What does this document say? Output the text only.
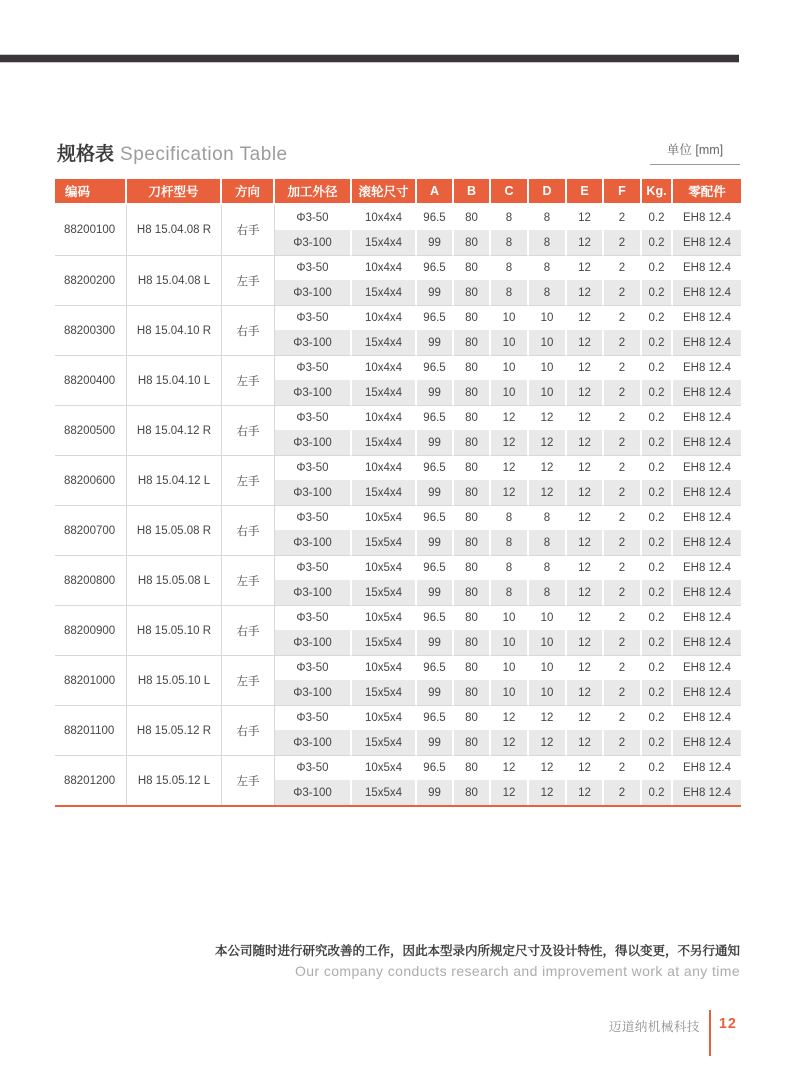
规格表 Specification Table	单位 [mm]
编码	刀杆型号	方向	加工外径	滚轮尺寸	A	B	C	D	E	F	Kg.	零配件
88200100	H8 15.04.08 R	右手	Φ3-50	10x4x4	96.5	80	8	8	12	2	0.2	EH8 12.4
			Φ3-100	15x4x4	99	80	8	8	12	2	0.2	EH8 12.4
88200200	H8 15.04.08 L	左手	Φ3-50	10x4x4	96.5	80	8	8	12	2	0.2	EH8 12.4
			Φ3-100	15x4x4	99	80	8	8	12	2	0.2	EH8 12.4
88200300	H8 15.04.10 R	右手	Φ3-50	10x4x4	96.5	80	10	10	12	2	0.2	EH8 12.4
			Φ3-100	15x4x4	99	80	10	10	12	2	0.2	EH8 12.4
88200400	H8 15.04.10 L	左手	Φ3-50	10x4x4	96.5	80	10	10	12	2	0.2	EH8 12.4
			Φ3-100	15x4x4	99	80	10	10	12	2	0.2	EH8 12.4
88200500	H8 15.04.12 R	右手	Φ3-50	10x4x4	96.5	80	12	12	12	2	0.2	EH8 12.4
			Φ3-100	15x4x4	99	80	12	12	12	2	0.2	EH8 12.4
88200600	H8 15.04.12 L	左手	Φ3-50	10x4x4	96.5	80	12	12	12	2	0.2	EH8 12.4
			Φ3-100	15x4x4	99	80	12	12	12	2	0.2	EH8 12.4
88200700	H8 15.05.08 R	右手	Φ3-50	10x5x4	96.5	80	8	8	12	2	0.2	EH8 12.4
			Φ3-100	15x5x4	99	80	8	8	12	2	0.2	EH8 12.4
88200800	H8 15.05.08 L	左手	Φ3-50	10x5x4	96.5	80	8	8	12	2	0.2	EH8 12.4
			Φ3-100	15x5x4	99	80	8	8	12	2	0.2	EH8 12.4
88200900	H8 15.05.10 R	右手	Φ3-50	10x5x4	96.5	80	10	10	12	2	0.2	EH8 12.4
			Φ3-100	15x5x4	99	80	10	10	12	2	0.2	EH8 12.4
88201000	H8 15.05.10 L	左手	Φ3-50	10x5x4	96.5	80	10	10	12	2	0.2	EH8 12.4
			Φ3-100	15x5x4	99	80	10	10	12	2	0.2	EH8 12.4
88201100	H8 15.05.12 R	右手	Φ3-50	10x5x4	96.5	80	12	12	12	2	0.2	EH8 12.4
			Φ3-100	15x5x4	99	80	12	12	12	2	0.2	EH8 12.4
88201200	H8 15.05.12 L	左手	Φ3-50	10x5x4	96.5	80	12	12	12	2	0.2	EH8 12.4
			Φ3-100	15x5x4	99	80	12	12	12	2	0.2	EH8 12.4
本公司随时进行研究改善的工作，因此本型录内所规定尺寸及设计特性，得以变更，不另行通知
Our company conducts research and improvement work at any time
迈道纳机械科技 12
